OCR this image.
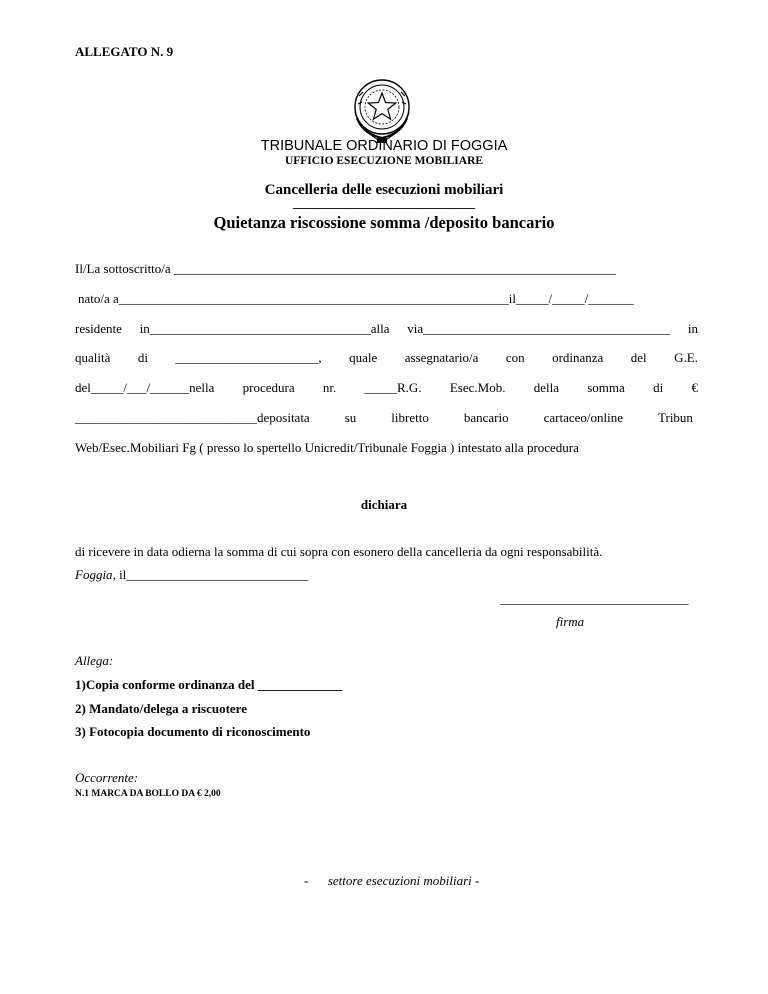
ALLEGATO N. 9
TRIBUNALE ORDINARIO DI FOGGIA
UFFICIO ESECUZIONE MOBILIARE
Cancelleria delle esecuzioni mobiliari
____________________________
Quietanza riscossione somma /deposito bancario
Il/La sottoscritto/a ____________________________________________________________________
nato/a a____________________________________________________________il_____/_____/_______
residente in__________________________________alla via______________________________________ in
qualità di ______________________, quale assegnatario/a con ordinanza del G.E.
del_____/___/______nella procedura nr. _____R.G. Esec.Mob. della somma di €
____________________________depositata	su	libretto	bancario	cartaceo/online	Tribun
Web/Esec.Mobiliari Fg ( presso lo spertello Unicredit/Tribunale Foggia ) intestato alla procedura
dichiara
di ricevere in data odierna la somma di cui sopra con esonero della cancelleria da ogni responsabilità.
Foggia, il____________________________
_____________________________
firma
Allega:
1)Copia conforme ordinanza del _____________
2) Mandato/delega a riscuotere
3) Fotocopia documento di riconoscimento
Occorrente:
N.1 MARCA DA BOLLO DA € 2,00
-      settore esecuzioni mobiliari -
